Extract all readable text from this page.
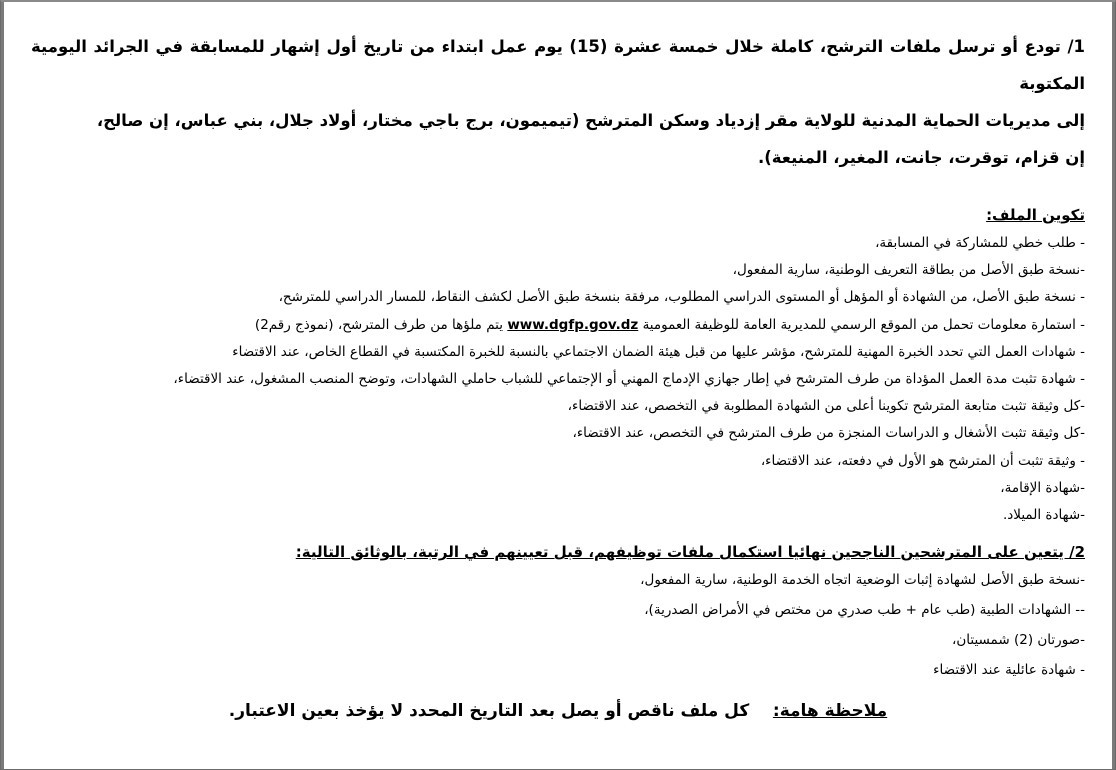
1/ تودع أو ترسل ملفات الترشح، كاملة خلال خمسة عشرة (15) يوم عمل ابتداء من تاريخ أول إشهار للمسابقة في الجرائد اليومية المكتوبة
إلى مديريات الحماية المدنية للولاية مقر إزدياد وسكن المترشح (تيميمون، برج باجي مختار، أولاد جلال، بني عباس، إن صالح،
إن قزام، توقرت، جانت، المغير، المنيعة).

تكوين الملف:

- طلب خطي للمشاركة في المسابقة،
-نسخة طبق الأصل من بطاقة التعريف الوطنية، سارية المفعول،
- نسخة طبق الأصل، من الشهادة أو المؤهل أو المستوى الدراسي المطلوب، مرفقة بنسخة طبق الأصل لكشف النقاط، للمسار الدراسي للمترشح،
- استمارة معلومات تحمل من الموقع الرسمي للمديرية العامة للوظيفة العمومية www.dgfp.gov.dz يتم ملؤها من طرف المترشح، (نموذج رقم2)
- شهادات العمل التي تحدد الخبرة المهنية للمترشح، مؤشر عليها من قبل هيئة الضمان الاجتماعي بالنسبة للخبرة المكتسبة في القطاع الخاص، عند الاقتضاء
- شهادة تثبت مدة العمل المؤداة من طرف المترشح في إطار جهازي الإدماج المهني أو الإجتماعي للشباب حاملي الشهادات، وتوضح المنصب المشغول، عند الاقتضاء،
-كل وثيقة تثبت متابعة المترشح تكوينا أعلى من الشهادة المطلوبة في التخصص، عند الاقتضاء،
-كل وثيقة تثبت الأشغال و الدراسات المنجزة من طرف المترشح في التخصص، عند الاقتضاء،
- وثيقة تثبت أن المترشح هو الأول في دفعته، عند الاقتضاء،
-شهادة الإقامة،
-شهادة الميلاد.

2/ يتعين على المترشحين الناجحين نهائيا استكمال ملفات توظيفهم، قبل تعيينهم في الرتبة، بالوثائق التالية:

-نسخة طبق الأصل لشهادة إثبات الوضعية اتجاه الخدمة الوطنية، سارية المفعول،
-- الشهادات الطبية (طب عام + طب صدري من مختص في الأمراض الصدرية)،
-صورتان (2) شمسيتان،
- شهادة عائلية عند الاقتضاء

ملاحظة هامة:    كل ملف ناقص أو يصل بعد التاريخ المحدد لا يؤخذ بعين الاعتبار.
